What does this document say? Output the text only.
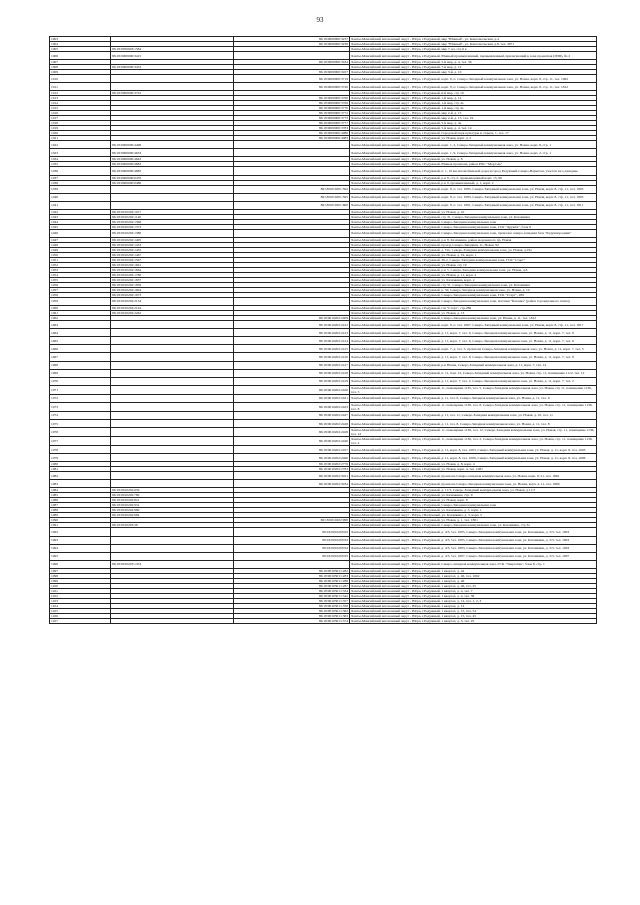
93
1003		86:18:0000000:3237	Ханты-Мансийский автономный округ - Югра, г.Радужный, мкр "Южный", ул. Комсомольская, д.4
1004		86:18:0000000:3238	Ханты-Мансийский автономный округ - Югра, г.Радужный, мкр "Южный", ул. Комсомольская, д.8, тел. 3071
1005	86:18:0050003:1584		Ханты-Мансийский автономный округ - Югра, г.Радужный, мкр 7, вл. стр 6 к
1006	86:18:0000000:3415		Ханты-Мансийский автономный округ - Югра, г.Радужный, Южный промышленный, промышленный, прилегающий к зоне проектная (ПЗП), № 2
1007		86:18:0000000:3434	Ханты-Мансийский автономный округ - Югра, г.Радужный, 5-й мкр, д. 4, тел. 36
1008	86:18:0000000:3453		Ханты-Мансийский автономный округ - Югра, г.Радужный, 7-й мкр, д. 12
1009		86:18:0000000:3457	Ханты-Мансийский автономный округ - Югра, г.Радужный, мкр 3-й, д. 10
1010		86:18:0000000:3719	Ханты-Мансийский автономный округ - Югра, г.Радужный, корп. 8, п. Северо-Западный коммунальная зона, ул. Новая, корп. 8, стр. 11, тел. 1062
1011		86:18:0000000:3720	Ханты-Мансийский автономный округ - Югра, г.Радужный, корп. 8, п. Северо-Западный коммунальная зона, ул. Новая, корп. 8, стр. 11, тел. 1812
1012	86:18:0000000:3722		Ханты-Мансийский автономный округ - Югра, г.Радужный, 6-й мкр, стр 19
1013		86:18:0000000:3760	Ханты-Мансийский автономный округ - Югра, г.Радужный, 1-й мкр, д. 14
1014		86:18:0000000:3769	Ханты-Мансийский автономный округ - Югра, г.Радужный, 1-й мкр, стр 4а
1015		86:18:0000000:3770	Ханты-Мансийский автономный округ - Югра, г.Радужный, 1-й мкр, стр 4а
1016		86:18:0000000:3772	Ханты-Мансийский автономный округ - Югра, г.Радужный, мкр 2-й, д. 15
1017		86:18:0000000:3773	Ханты-Мансийский автономный округ - Югра, г.Радужный, мкр 2-й, д. 15, тел. 19
1018		86:18:0000000:3777	Ханты-Мансийский автономный округ - Югра, г.Радужный, 5-й мкр, д. 4а
1019		86:18:0000000:3783	Ханты-Мансийский автономный округ - Югра, г.Радужный, 5-й мкр, д. 4, тел. 14
1020		86:18:0000000:4080	Ханты-Мансийский автономный округ - Югра, г.Радужный, Городской парк культуры и отдыха, 1, тел. 17
1021		86:18:0000000:4083	Ханты-Мансийский автономный округ - Югра, г.Радужный, ул. Новая, корп. 4, 2
1022	86:18:0000000:4498		Ханты-Мансийский автономный округ - Югра, г.Радужный, корп. 1, 2, Северо-Западный коммунальная зона, ул. Новая, корп. 8, стр. 1
1023	86:18:0000000:4633		Ханты-Мансийский автономный округ - Югра, г.Радужный, корп. 1, 9, Северо-Западный коммунальная зона, ул. Новая, корп. 2, стр. 1
1034	86:18:0000000:4643		Ханты-Мансийский автономный округ - Югра, г.Радужный, ул. Новая, д. 8
1035	86:18:0000000:4683		Ханты-Мансийский автономный округ - Югра, г.Радужный, Южная промзона, район РОС "Мортэль"
1036	86:18:0000000:4685		Ханты-Мансийский автономный округ - Югра, г.Радужный, п. 1, 10 км автомобильной дороги город Радужный-Северо-Варьёган, участок юго-западнее
1037	86:18:0000000:0470		Ханты-Мансийский автономный округ - Югра, г.Радужный, р-н 8, стр 2, промышленный корп. 15, 96
1038	86:18:0000000:0486		Ханты-Мансийский автономный округ - Югра, г.Радужный, р-н 9, промышленный, д. 1, корп. 2
1039		86:18:0010201:592	Ханты-Мансийский автономный округ - Югра, г.Радужный, корп. 8, п. тел. 1085, Северо-Западный коммунальная зона, ул. Новая, корп. 8, стр. 11, тел. 1803
1040		86:18:0010201:595	Ханты-Мансийский автономный округ - Югра, г.Радужный, корп. 8, п. тел. 1083, Северо-Западный коммунальная зона, ул. Новая, корп. 8, стр. 11, тел. 1803
1041		86:18:0010201:600	Ханты-Мансийский автономный округ - Югра, г.Радужный, корп. 8, п. тел. 1061, Северо-Западный коммунальная зона, ул. Новая, корп. 8, стр. 11, тел. 1811
1042	86:18:0010202:1017		Ханты-Мансийский автономный округ - Югра, г.Радужный, ул. Новая, д. 10
1043	86:18:0010202:1140		Ханты-Мансийский автономный округ - Югра, г.Радужный, стр 31, Северо-Западная коммунальная зона, ул. Казамкина
1044	86:18:0010202:1368		Ханты-Мансийский автономный округ - Югра, г.Радужный, Северо-Западная коммунальная зона
1045	86:18:0010202:1373		Ханты-Мансийский автономный округ - Югра, г.Радужный, Северо-Западная коммунальная зона, ГСК "Дружба", блок 8
1046	86:18:0010202:1380		Ханты-Мансийский автономный округ - Югра, г.Радужный, Северо-Западная коммунальная зона, промзона северо-западная база "Радужнородник"
1047	86:18:0010202:1405		Ханты-Мансийский автономный округ - Югра, г.Радужный, р-н 8, Казамкина, район мороженого пр, Новая
1048	86:18:0010202:1453		Ханты-Мансийский автономный округ - Югра, г.Радужный, проезд Северо-Западная, 11, Новая, 92
1049	86:18:0010202:1455		Ханты-Мансийский автономный округ - Югра, г.Радужный, д. 19а, Северо-Западная коммунальная зона, ул. Новая, д.19а
1050	86:18:0010202:1467		Ханты-Мансийский автономный округ - Югра, г.Радужный, ул. Новая, д. 19, корп. 1
1051	86:18:0010202:1567		Ханты-Мансийский автономный округ - Югра, г.Радужный, 30-2, Северо-Западная коммунальная зона, ГСК "Старт"
1052	86:18:0010202:1661		Ханты-Мансийский автономный округ - Югра, г.Радужный, ул. Новая, стр 19
1053	86:18:0010202:1664		Ханты-Мансийский автономный округ - Югра, г.Радужный, р-н 5, Северо-Западная коммунальная зона, ул. Новая, д.8
1054	86:18:0010202:1786		Ханты-Мансийский автономный округ - Югра, г.Радужный, ул. Новая, д. 11, корп. 2
1055	86:18:0010202:1837		Ханты-Мансийский автономный округ - Югра, г.Радужный, ул. Казамкина, корп. 2
1056	86:18:0010202:1839		Ханты-Мансийский автономный округ - Югра, г.Радужный, стр 31, Северо-Западная коммунальная зона, ул. Казамкина
1057	86:18:0010202:1904		Ханты-Мансийский автономный округ - Югра, г.Радужный, р. 50, Северо-Западная коммунальная зона, ул. Новая, д. 10
1058	86:18:0010202:1973		Ханты-Мансийский автономный округ - Югра, г.Радужный, Северо-Западная коммунальная зона, ГСК "Старт", 289
1059	86:18:0010202:2134		Ханты-Мансийский автономный округ - Югра, г.Радужный, Северо-Западная коммунальная зона, магазин "Казанка" (район тороидального плана)
1060	86:18:0010202:2164		Ханты-Мансийский автономный округ - Югра, г.Радужный, гск "Старт", стр.286
1061	86:18:0010202:2262		Ханты-Мансийский автономный округ - Югра, г.Радужный, ул. Новая, д. 13
1062		86:18:0010202:2409	Ханты-Мансийский автономный округ - Югра, г.Радужный, Северо-Западная коммунальная зона, ул. Новая, д. 11, тел. 1812
1063		86:18:0010202:2412	Ханты-Мансийский автономный округ - Югра, г.Радужный, корп. 8, п. тел. 1067, Северо-Западный коммунальная зона, ул. Новая, корп. 8, стр. 11, тел. 1817
1064		86:18:0010202:2413	Ханты-Мансийский автономный округ - Югра, г.Радужный, д. 11, корп. 7, тел. 9, Северо-Западная коммунальная зона, ул. Новая, д. 11, корп. 7, тел. 9
1065		86:18:0010202:2414	Ханты-Мансийский автономный округ - Югра, г.Радужный, д. 11, корп. 7, тел. 6, Северо-Западная коммунальная зона, ул. Новая, д. 11, корп. 7, тел. 6
1066		86:18:0010202:2415	Ханты-Мансийский автономный округ - Югра, г.Радужный, корп. 7, д. тел. 5, промзона Северо-Западная коммунальная зона, ул. Новая, д. 11, корп. 7, тел. 5
1067		86:18:0010202:2416	Ханты-Мансийский автономный округ - Югра, г.Радужный, д. 11, корп. 7, тел. 8, Северо-Западная коммунальная зона, ул. Новая, д. 11, корп. 7, тел. 8
1068		86:18:0010202:2417	Ханты-Мансийский автономный округ - Югра, г.Радужный, р-н Новая, Северо-Западный коммунальная зона, д. 11, корп. 7, тел. 12
1069		86:18:0010202:2418	Ханты-Мансийский автономный округ - Югра, г.Радужный, п. 11, пом. 12, Северо-Западный коммунальная зона, ул. Новая, стр. 11, помещение 1112, тел. 12
1070		86:18:0010202:2419	Ханты-Мансийский автономный округ - Югра, г.Радужный, д. 11, корп. 7, тел. 2, Северо-Западная коммунальная зона, ул. Новая, д. 11, корп. 7, тел. 2
1071		86:18:0010202:2420	Ханты-Мансийский автономный округ - Югра, г.Радужный, 11, помещение 1135, тел. 5, Северо-Западная коммунальная зона, ул. Новая, стр 11, помещение 1136, тел. 5
1072		86:18:0010202:2421	Ханты-Мансийский автономный округ - Югра, г.Радужный, д. 11, тел. 6, Северо-Западная коммунальная зона, ул. Новая, д. 11, тел. 6
1073		86:18:0010202:2423	Ханты-Мансийский автономный округ - Югра, г.Радужный, 11, помещение 1136, тел. 8, Северо-Западная коммунальная зона, ул. Новая, стр. 11, помещение 1136, тел. 8
1074		86:18:0010202:2427	Ханты-Мансийский автономный округ - Югра, г.Радужный, д. 11, тел. 11, Северо-Западная коммунальная зона, ул. Новая, д. 10, тел. 11
1075		86:18:0010202:2428	Ханты-Мансийский автономный округ - Югра, г.Радужный, д. 11, тел. 8, Северо-Западная коммунальная зона, ул. Новая, д. 11, тел. 8
1076		86:18:0010202:2429	Ханты-Мансийский автономный округ - Югра, г.Радужный, 11, помещение 1136, тел. 12, Северо-Западная коммунальная зона, ул. Новая, стр. 11, помещение 1136, тел. 12
1077		86:18:0010202:2440	Ханты-Мансийский автономный округ - Югра, г.Радужный, 11, помещение 1136, тел. 2, Северо-Западная коммунальная зона, ул. Новая, стр. 11, помещение 1136, тел. 2
1078		86:18:0010202:2457	Ханты-Мансийский автономный округ - Югра, г.Радужный, д. 11, корп. 8, тел. 1003, Северо-Западный коммунальная зона, ул. Новая, д. 11, корп. 8, тел. 1003
1079		86:18:0010202:2460	Ханты-Мансийский автономный округ - Югра, г.Радужный, д. 11, корп. 8, тел. 1006, Северо-Западный коммунальная зона, ул. Новая, д. 11, корп. 8, тел. 1006
1080		86:18:0010202:2776	Ханты-Мансийский автономный округ - Югра, г.Радужный, ул. Новая, д. 8, корп. 4
1081		86:18:0010202:2783	Ханты-Мансийский автономный округ - Югра, г.Радужный, ул. Новая, корп. 4, тел. 1081
1082		86:18:0010202:3021	Ханты-Мансийский автономный округ - Югра, г.Радужный, промзона Северо-западная коммунальная зона, ул. Новая, корп. 8, 21, тел. 1862
1083		86:18:0010202:3034	Ханты-Мансийский автономный округ - Югра, г.Радужный, промзона Северо-Западная коммунальная зона, ул. Новая, корп. 4, 11, тел. 1869
1084	86:18:0010202:656		Ханты-Мансийский автономный округ - Югра, г.Радужный, д. 11/3, Северо-Западный коммунальная зона, ул. Новая, д.11/3
1085	86:18:0010202:780		Ханты-Мансийский автономный округ - Югра, г.Радужный, ул. Казамкина, стр. 9
1086	86:18:0010202:821		Ханты-Мансийский автономный округ - Югра, г.Радужный, ул. Новая, корп. 8
1087	86:18:0010202:931		Ханты-Мансийский автономный округ - Югра, г.Радужный, Северо-Западная коммунальная зона
1088	86:18:0010202:980		Ханты-Мансийский автономный округ - Югра, г.Радужный, ул. Казамкина, д. 3, корп. 1
1089	86:18:0010202:984		Ханты-Мансийский автономный округ - Югра, г.Radужный, ул. Казамкина, д. 3, корп. 5
1090		86:18:0010202:998	Ханты-Мансийский автономный округ - Югра, г.Радужный, ул. Новая, д. 1, тел. 1801
1091	86:18:0010203:38		Ханты-Мансийский автономный округ - Югра, г.Радужный, Северо-Западная коммунальная зона, ул. Казамкина, стр 3а
1092		86:18:0010203:62	Ханты-Мансийский автономный округ - Югра, г.Радужный, д. 4/3, тел. 1005, Северо-Западная коммунальная зона, ул. Казамкина, д. 5/3, тел. 1803
1093		86:18:0010203:63	Ханты-Мансийский автономный округ - Югра, г.Радужный, д. 4/3, тел. 1005, Северо-Западная коммунальная зона, ул. Казамкина, д. 5/3, тел. 1803
1094		86:18:0010203:64	Ханты-Мансийский автономный округ - Югра, г.Радужный, д. 4/3, тел. 1003, Северо-Западная коммунальная зона, ул. Казамкина, д. 5/3, тел. 1003
1095		86:18:0010203:65	Ханты-Мансийский автономный округ - Югра, г.Радужный, д. 4/3, тел. 1007, Северо-Западная коммунальная зона, ул. Казамкина, д. 5/3, тел. 1007
1096	86:18:0010203:1453		Ханты-Мансийский автономный округ - Югра, г.Радужный, Северо-западная коммунальная зона, ГСК "Энергетик", блок 8, стр. 1
1097		86:18:0010301:1282	Ханты-Мансийский автономный округ - Югра, г.Радужный, 1 квартал, д. 42
1098		86:18:0010301:1283	Ханты-Мансийский автономный округ - Югра, г.Радужный, 1 квартал, д. 46, тел. 1062
1099		86:18:0010301:1286	Ханты-Мансийский автономный округ - Югра, г.Радужный, 1 квартал, д. 46
1100		86:18:0010301:1287	Ханты-Мансийский автономный округ - Югра, г.Радужный, 1 квартал, д. 46, тел. 25
1101		86:18:0010301:1334	Ханты-Мансийский автономный округ - Югра, г.Радужный, 1 квартал, д. 4, тел. 7
1102		86:18:0010301:1342	Ханты-Мансийский автономный округ - Югра, г.Радужный, 1 квартал, д. 4, тел. 38
1103		86:18:0010301:1357	Ханты-Мансийский автономный округ - Югра, г.Радужный, 1 квартал, д. 12, тел. 1, 2, 3
1104		86:18:0010301:1358	Ханты-Мансийский автономный округ - Югра, г.Радужный, 1 квартал, д. 12
1105		86:18:0010301:1362	Ханты-Мансийский автономный округ - Югра, г.Радужный, 1 квартал, д. 15, тел. 54
1106		86:18:0010301:1363	Ханты-Мансийский автономный округ - Югра, г.Радужный, 1 квартал, д. 15, тел. 45
1107		86:18:0010301:1374	Ханты-Мансийский автономный округ - Югра, г.Радужный, 1 квартал, д. 3, тел. 25
